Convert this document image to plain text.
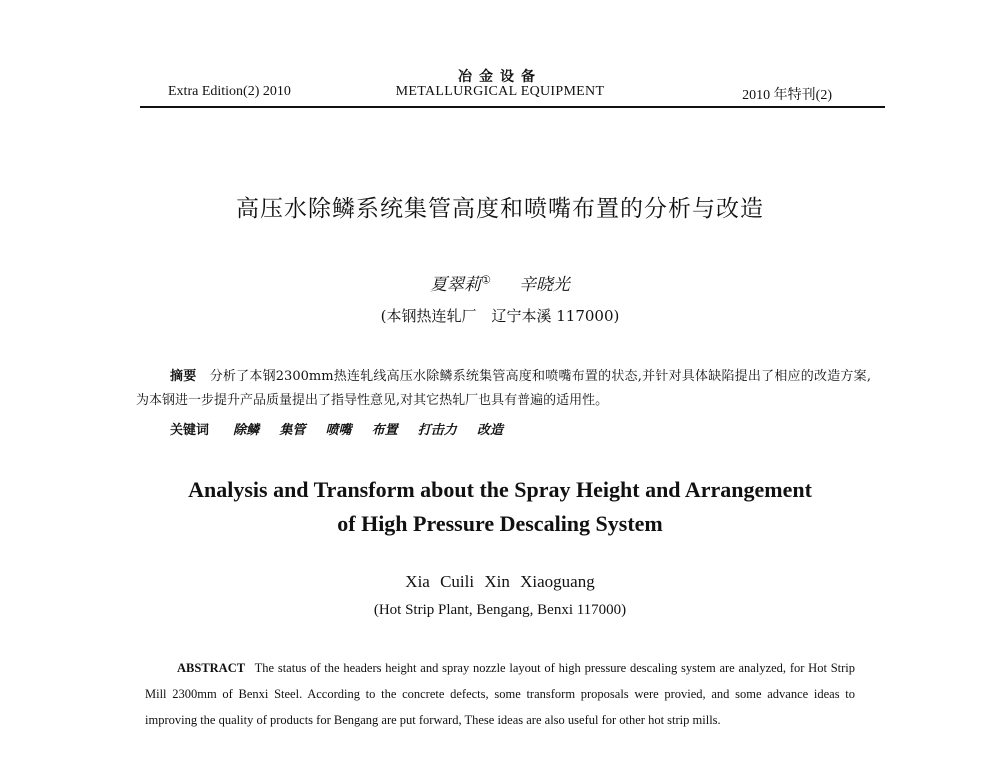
冶金设备
Extra Edition(2) 2010	METALLURGICAL EQUIPMENT	2010 年特刊(2)
高压水除鳞系统集管高度和喷嘴布置的分析与改造
夏翠莉① 辛晓光
(本钢热连轧厂　辽宁本溪 117000)
摘要　 分析了本钢2300mm热连轧线高压水除鳞系统集管高度和喷嘴布置的状态,并针对具体缺陷提出了相应的改造方案,为本钢进一步提升产品质量提出了指导性意见,对其它热轧厂也具有普遍的适用性。
关键词 除鳞 集管 喷嘴 布置 打击力 改造
Analysis and Transform about the Spray Height and Arrangement
of High Pressure Descaling System
Xia Cuili Xin Xiaoguang
(Hot Strip Plant, Bengang, Benxi 117000)
ABSTRACT The status of the headers height and spray nozzle layout of high pressure descaling system are analyzed, for Hot Strip Mill 2300mm of Benxi Steel. According to the concrete defects, some transform proposals were provied, and some advance ideas to improving the quality of products for Bengang are put forward, These ideas are also useful for other hot strip mills.
